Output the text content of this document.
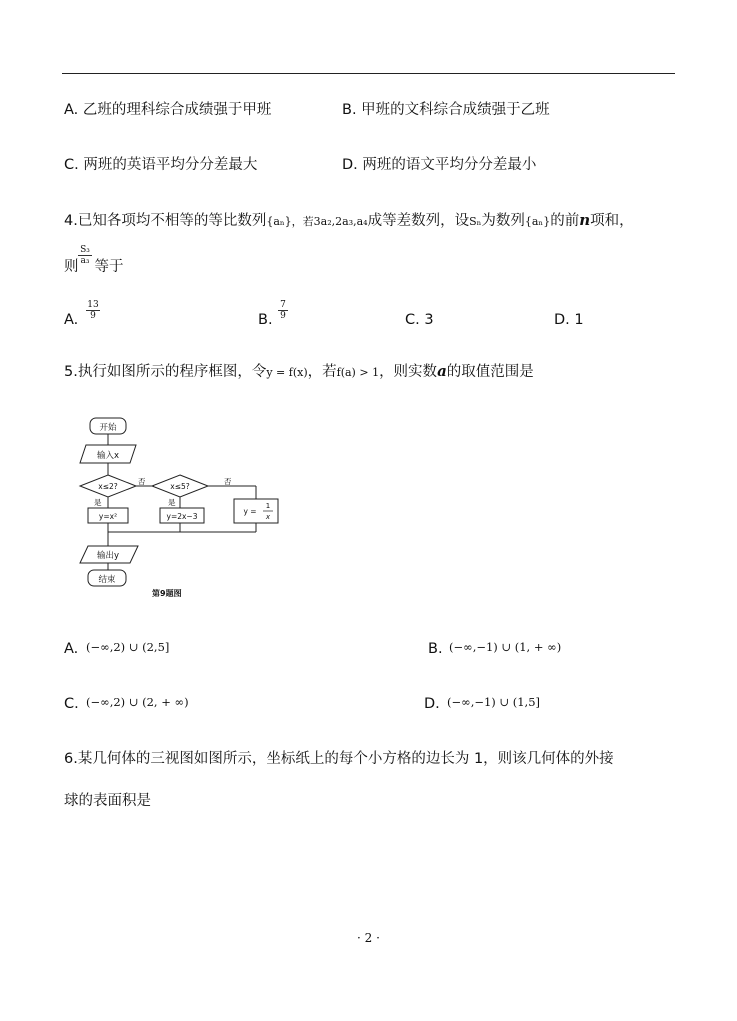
A. 乙班的理科综合成绩强于甲班	B. 甲班的文科综合成绩强于乙班
C. 两班的英语平均分分差最大	D. 两班的语文平均分分差最小
4.已知各项均不相等的等比数列{aₙ}，若3a₂,2a₃,a₄成等差数列，设Sₙ为数列{aₙ}的前n项和，
则 等于
$\frac{\text{S₃}}{\text{a₃}}$
A. $\frac{13}{9}$	B. $\frac{7}{9}$	C. 3	D. 1
5.执行如图所示的程序框图，令y = f(x)，若f(a) > 1，则实数a的取值范围是
开始
输入x
x≤2?	x≤5?
否	否
是	是
y=x²	y=2x−3
y =
1
x
输出y
结束
第9题图
A. (−∞,2) ∪ (2,5]	B. (−∞,−1) ∪ (1, + ∞)
C. (−∞,2) ∪ (2, + ∞)	D. (−∞,−1) ∪ (1,5]
6.某几何体的三视图如图所示，坐标纸上的每个小方格的边长为 1，则该几何体的外接
球的表面积是
· 2 ·
